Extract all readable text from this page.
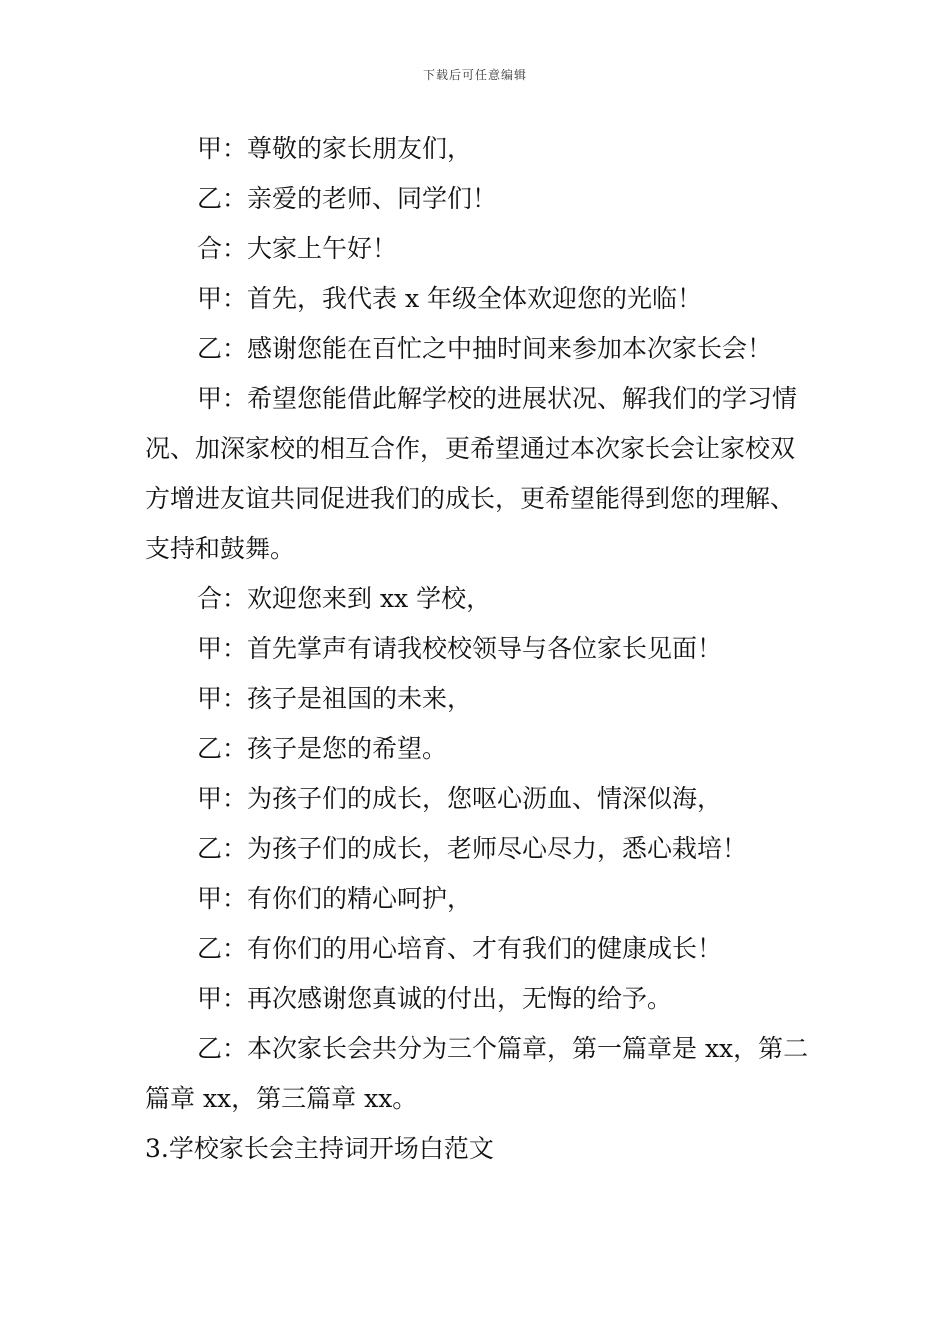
下载后可任意编辑

甲：尊敬的家长朋友们，

乙：亲爱的老师、同学们！

合：大家上午好！

甲：首先，我代表 x 年级全体欢迎您的光临！

乙：感谢您能在百忙之中抽时间来参加本次家长会！

甲：希望您能借此解学校的进展状况、解我们的学习情况、加深家校的相互合作，更希望通过本次家长会让家校双方增进友谊共同促进我们的成长，更希望能得到您的理解、支持和鼓舞。

合：欢迎您来到 xx 学校，

甲：首先掌声有请我校校领导与各位家长见面！

甲：孩子是祖国的未来，

乙：孩子是您的希望。

甲：为孩子们的成长，您呕心沥血、情深似海，

乙：为孩子们的成长，老师尽心尽力，悉心栽培！

甲：有你们的精心呵护，

乙：有你们的用心培育、才有我们的健康成长！

甲：再次感谢您真诚的付出，无悔的给予。

乙：本次家长会共分为三个篇章，第一篇章是 xx，第二篇章 xx，第三篇章 xx。

3.学校家长会主持词开场白范文
